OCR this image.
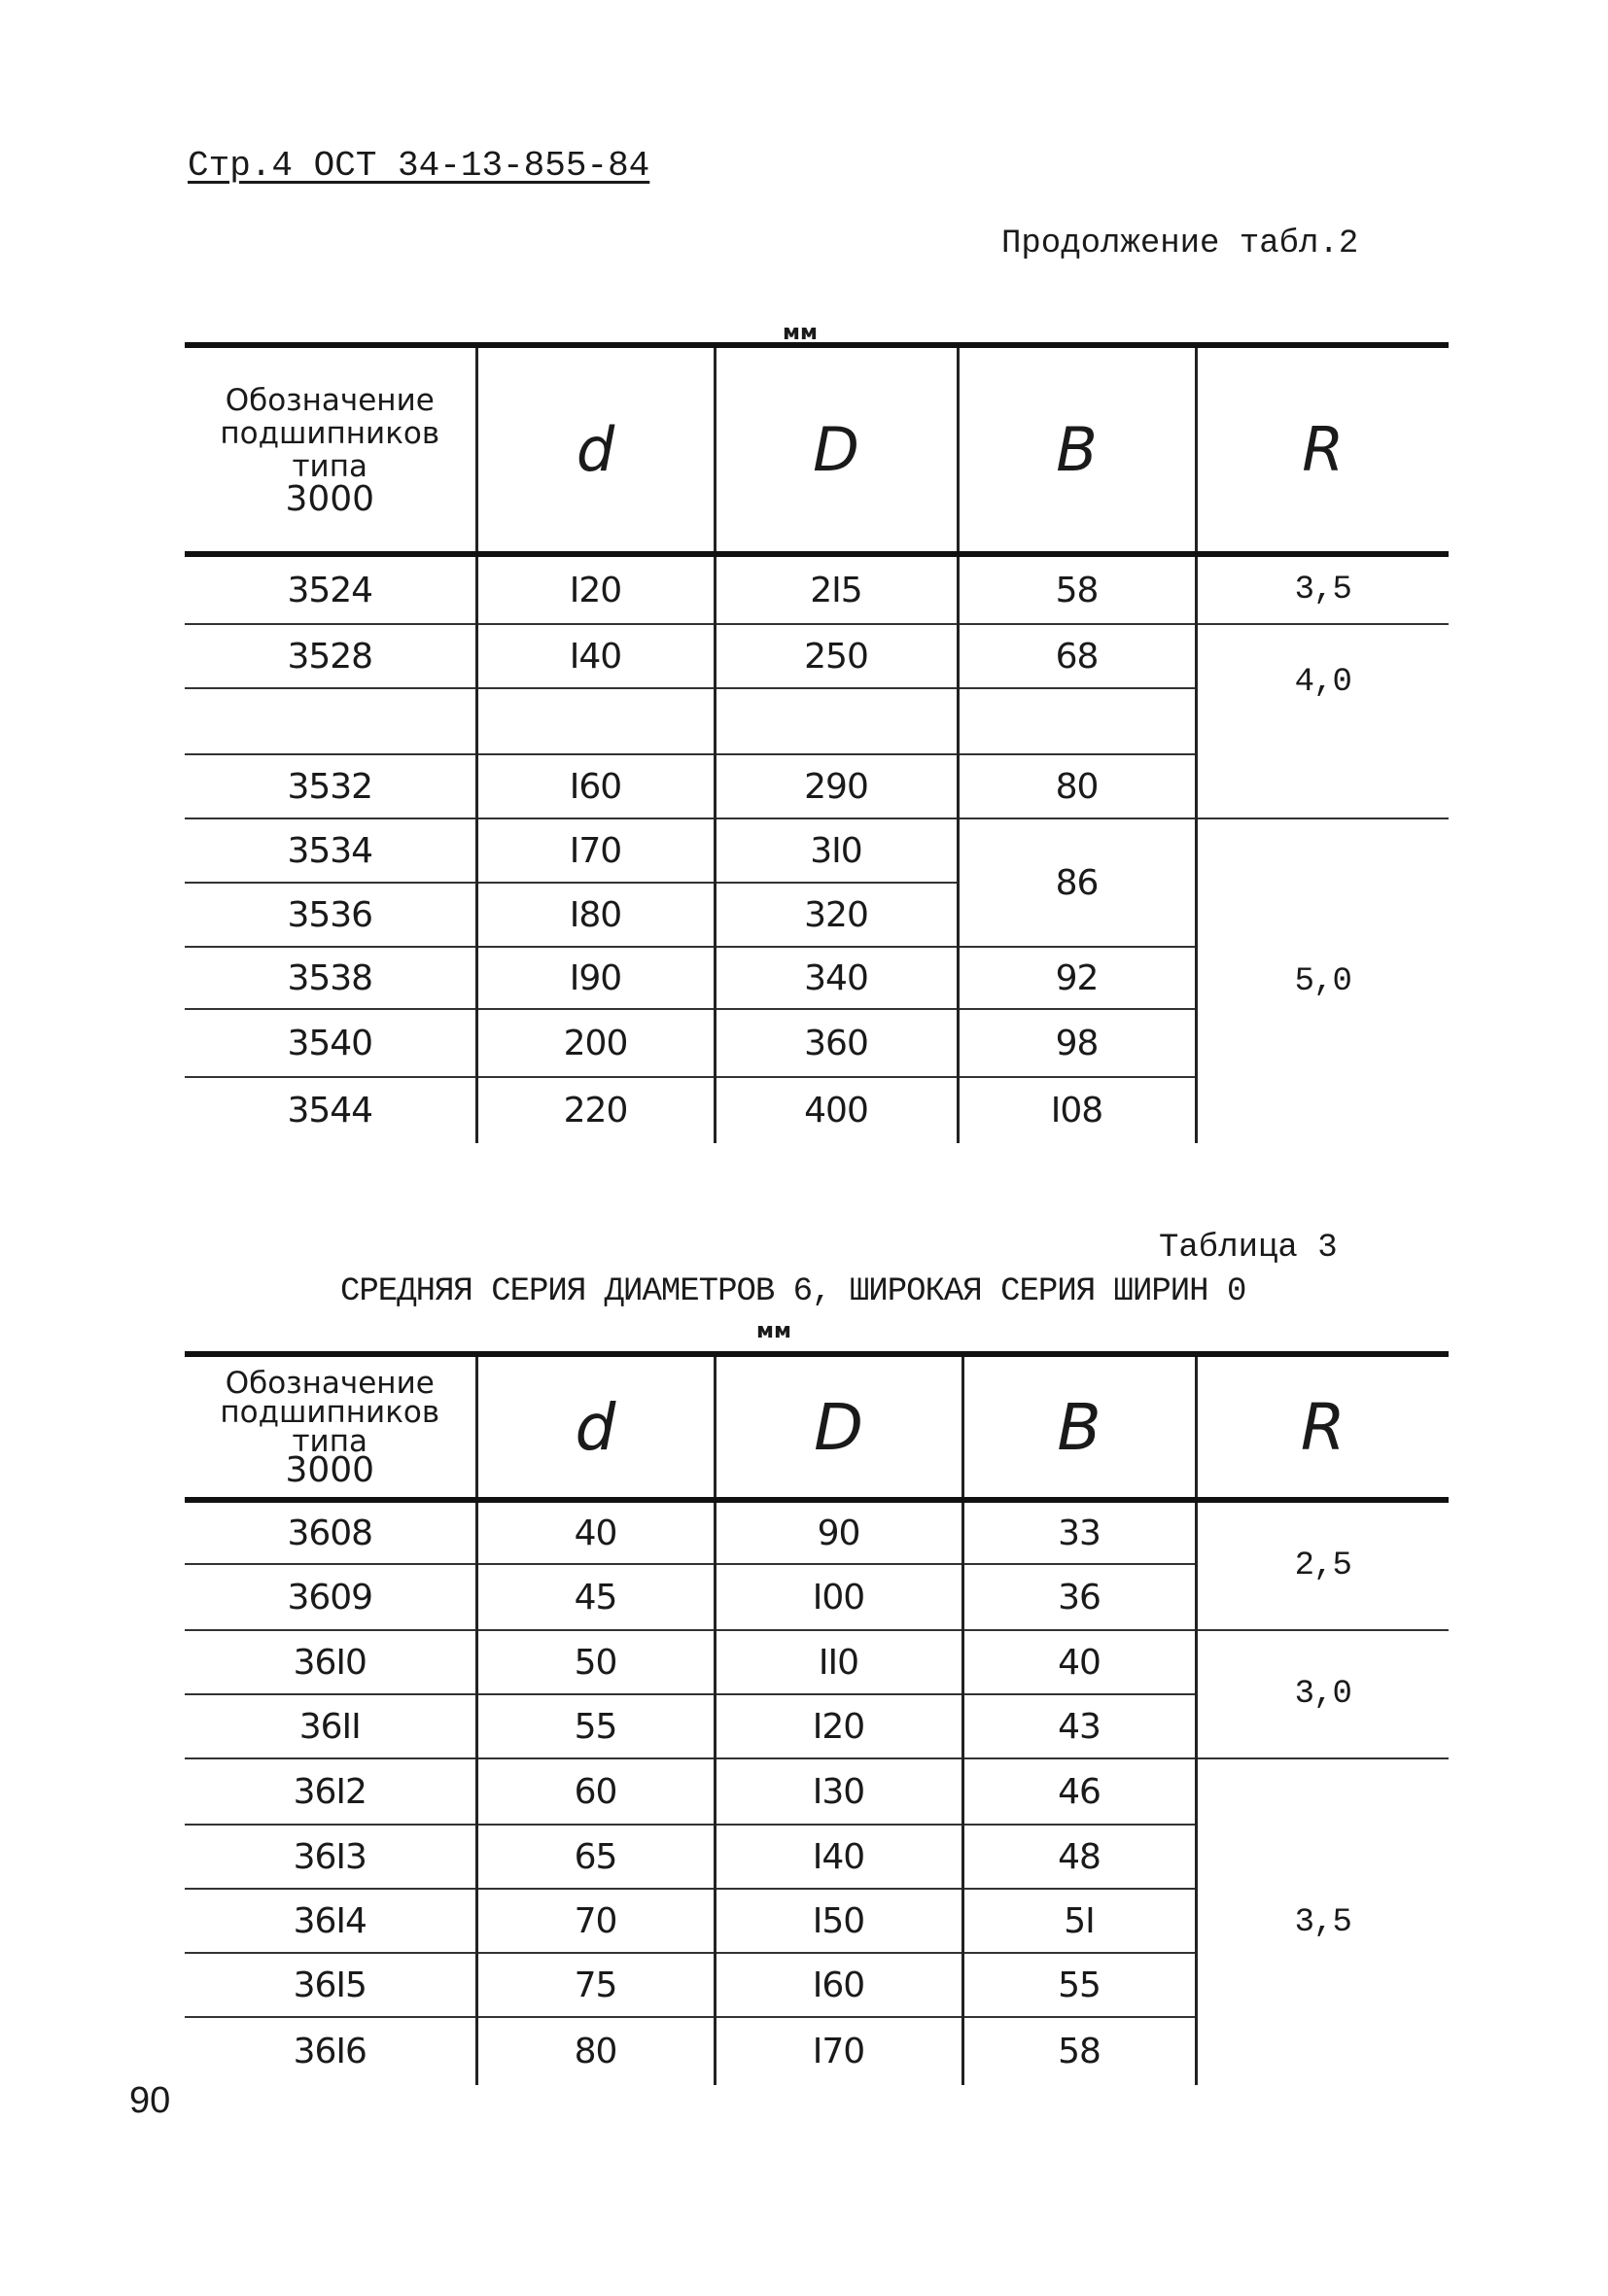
Стр.4 ОСТ 34-13-855-84
Продолжение табл.2
мм
Обозначение
подшипников
типа

3000	d	D	B	R
3524	I20	2I5	58	3,5
3528	I40	250	68	4,0

3532	I60	290	80	
3534	I70	3I0	86	5,0
3536	I80	320		
3538	I90	340	92	
3540	200	360	98	
3544	220	400	I08	
Таблица 3
СРЕДНЯЯ СЕРИЯ ДИАМЕТРОВ 6, ШИРОКАЯ СЕРИЯ ШИРИН 0
мм
Обозначение
подшипников
типа

3000	d	D	B	R
3608	40	90	33	2,5
3609	45	I00	36	
36I0	50	II0	40	3,0
36II	55	I20	43	
36I2	60	I30	46	3,5
36I3	65	I40	48	
36I4	70	I50	5I	
36I5	75	I60	55	
36I6	80	I70	58	
90
